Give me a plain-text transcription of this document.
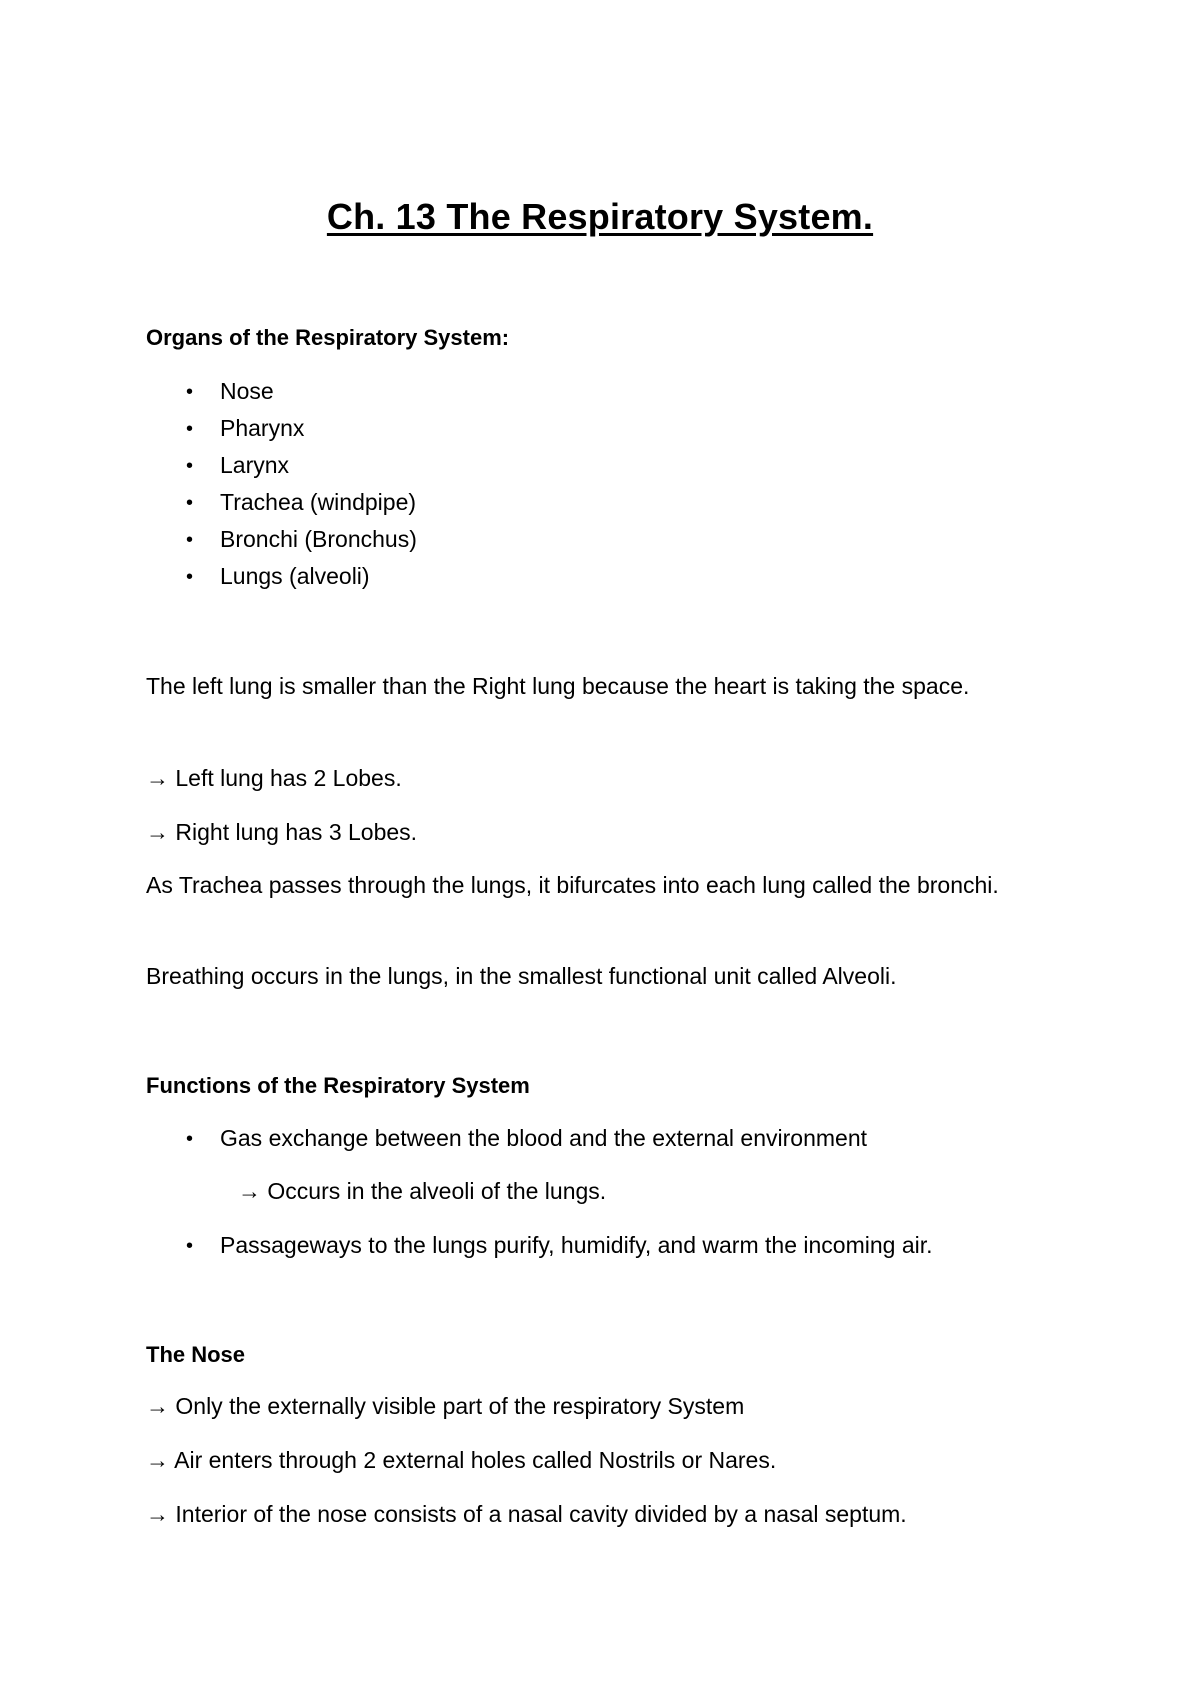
Ch. 13 The Respiratory System.
Organs of the Respiratory System:
• Nose
• Pharynx
• Larynx
• Trachea (windpipe)
• Bronchi (Bronchus)
• Lungs (alveoli)
The left lung is smaller than the Right lung because the heart is taking the space.
→ Left lung has 2 Lobes.
→ Right lung has 3 Lobes.
As Trachea passes through the lungs, it bifurcates into each lung called the bronchi.
Breathing occurs in the lungs, in the smallest functional unit called Alveoli.
Functions of the Respiratory System
• Gas exchange between the blood and the external environment
→ Occurs in the alveoli of the lungs.
• Passageways to the lungs purify, humidify, and warm the incoming air.
The Nose
→ Only the externally visible part of the respiratory System
→ Air enters through 2 external holes called Nostrils or Nares.
→ Interior of the nose consists of a nasal cavity divided by a nasal septum.
